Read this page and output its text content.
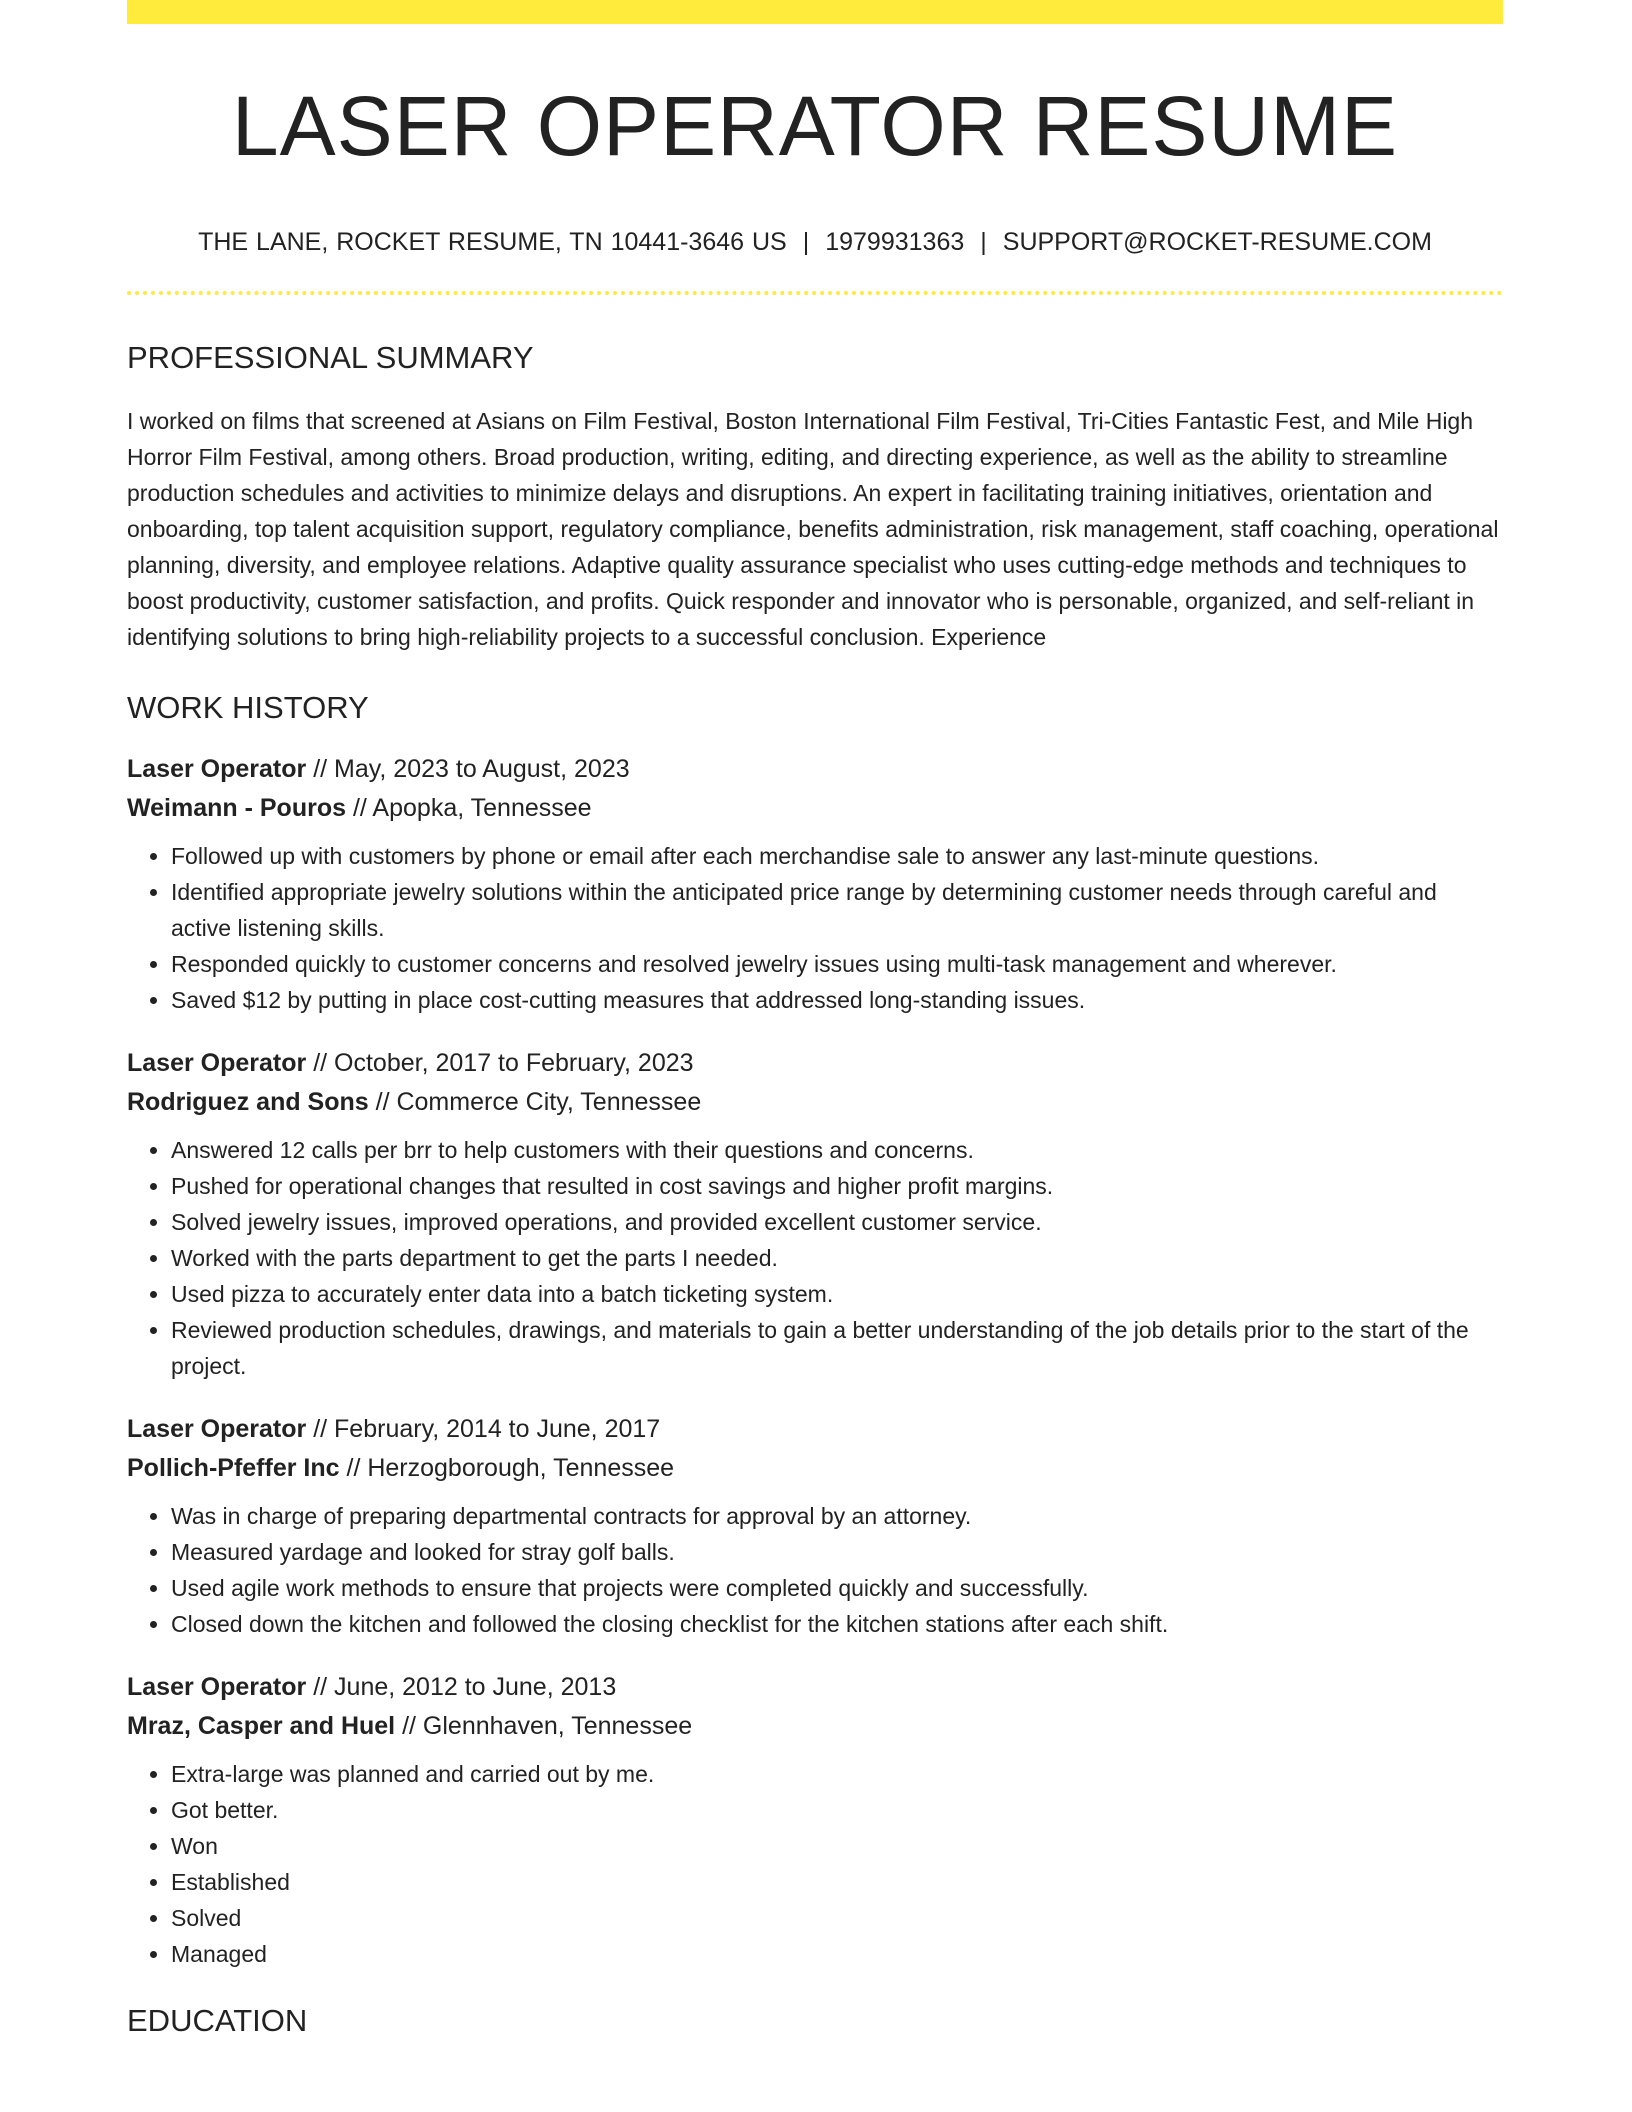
LASER OPERATOR RESUME
THE LANE, ROCKET RESUME, TN 10441-3646 US | 1979931363 | SUPPORT@ROCKET-RESUME.COM
PROFESSIONAL SUMMARY

I worked on films that screened at Asians on Film Festival, Boston International Film Festival, Tri-Cities Fantastic Fest, and Mile High Horror Film Festival, among others. Broad production, writing, editing, and directing experience, as well as the ability to streamline production schedules and activities to minimize delays and disruptions. An expert in facilitating training initiatives, orientation and onboarding, top talent acquisition support, regulatory compliance, benefits administration, risk management, staff coaching, operational planning, diversity, and employee relations. Adaptive quality assurance specialist who uses cutting-edge methods and techniques to boost productivity, customer satisfaction, and profits. Quick responder and innovator who is personable, organized, and self-reliant in identifying solutions to bring high-reliability projects to a successful conclusion. Experience

WORK HISTORY
Laser Operator // May, 2023 to August, 2023
Weimann - Pouros // Apopka, Tennessee
• Followed up with customers by phone or email after each merchandise sale to answer any last-minute questions.
• Identified appropriate jewelry solutions within the anticipated price range by determining customer needs through careful and active listening skills.
• Responded quickly to customer concerns and resolved jewelry issues using multi-task management and wherever.
• Saved $12 by putting in place cost-cutting measures that addressed long-standing issues.
Laser Operator // October, 2017 to February, 2023
Rodriguez and Sons // Commerce City, Tennessee
• Answered 12 calls per brr to help customers with their questions and concerns.
• Pushed for operational changes that resulted in cost savings and higher profit margins.
• Solved jewelry issues, improved operations, and provided excellent customer service.
• Worked with the parts department to get the parts I needed.
• Used pizza to accurately enter data into a batch ticketing system.
• Reviewed production schedules, drawings, and materials to gain a better understanding of the job details prior to the start of the project.
Laser Operator // February, 2014 to June, 2017
Pollich-Pfeffer Inc // Herzogborough, Tennessee
• Was in charge of preparing departmental contracts for approval by an attorney.
• Measured yardage and looked for stray golf balls.
• Used agile work methods to ensure that projects were completed quickly and successfully.
• Closed down the kitchen and followed the closing checklist for the kitchen stations after each shift.
Laser Operator // June, 2012 to June, 2013
Mraz, Casper and Huel // Glennhaven, Tennessee
• Extra-large was planned and carried out by me.
• Got better.
• Won
• Established
• Solved
• Managed
EDUCATION
